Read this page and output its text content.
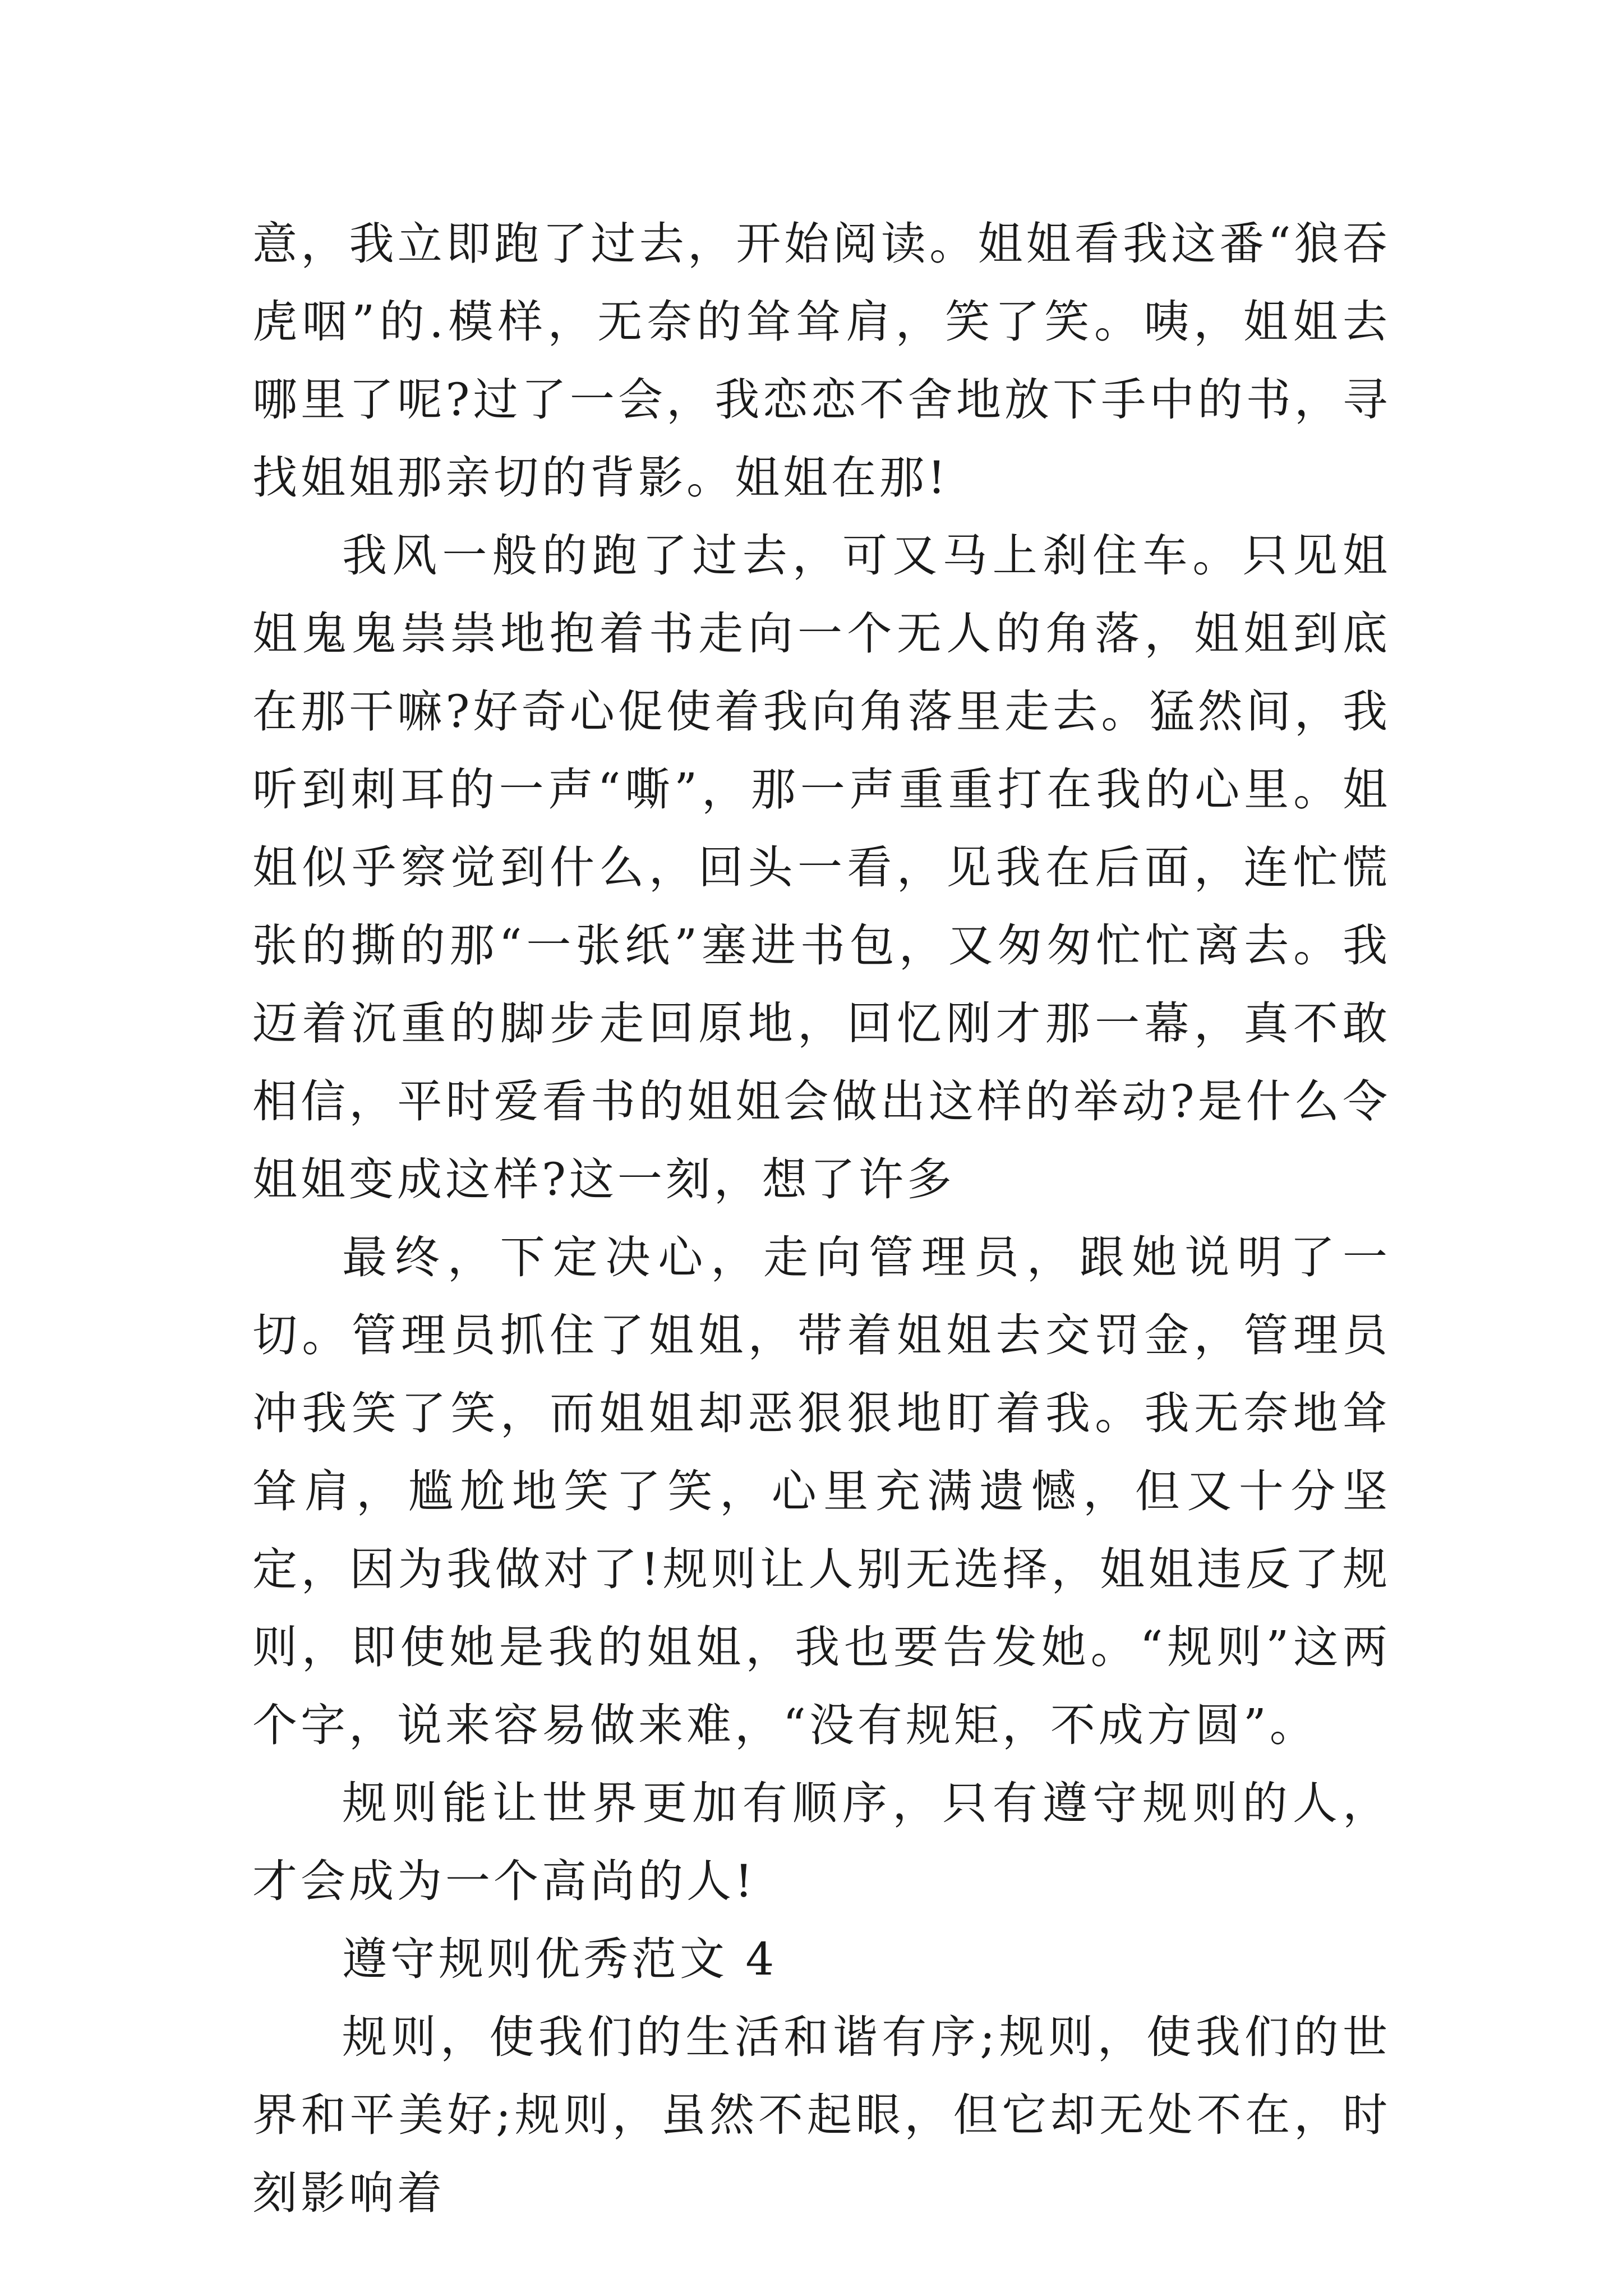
意，我立即跑了过去，开始阅读。姐姐看我这番“狼吞虎咽”的.模样，无奈的耸耸肩，笑了笑。咦，姐姐去哪里了呢?过了一会，我恋恋不舍地放下手中的书，寻找姐姐那亲切的背影。姐姐在那!

我风一般的跑了过去，可又马上刹住车。只见姐姐鬼鬼祟祟地抱着书走向一个无人的角落，姐姐到底在那干嘛?好奇心促使着我向角落里走去。猛然间，我听到刺耳的一声“嘶”，那一声重重打在我的心里。姐姐似乎察觉到什么，回头一看，见我在后面，连忙慌张的撕的那“一张纸”塞进书包，又匆匆忙忙离去。我迈着沉重的脚步走回原地，回忆刚才那一幕，真不敢相信，平时爱看书的姐姐会做出这样的举动?是什么令姐姐变成这样?这一刻，想了许多

最终，下定决心，走向管理员，跟她说明了一切。管理员抓住了姐姐，带着姐姐去交罚金，管理员冲我笑了笑，而姐姐却恶狠狠地盯着我。我无奈地耸耸肩，尴尬地笑了笑，心里充满遗憾，但又十分坚定，因为我做对了!规则让人别无选择，姐姐违反了规则，即使她是我的姐姐，我也要告发她。“规则”这两个字，说来容易做来难，“没有规矩，不成方圆”。

规则能让世界更加有顺序，只有遵守规则的人，才会成为一个高尚的人!

遵守规则优秀范文 4

规则，使我们的生活和谐有序;规则，使我们的世界和平美好;规则，虽然不起眼，但它却无处不在，时刻影响着
